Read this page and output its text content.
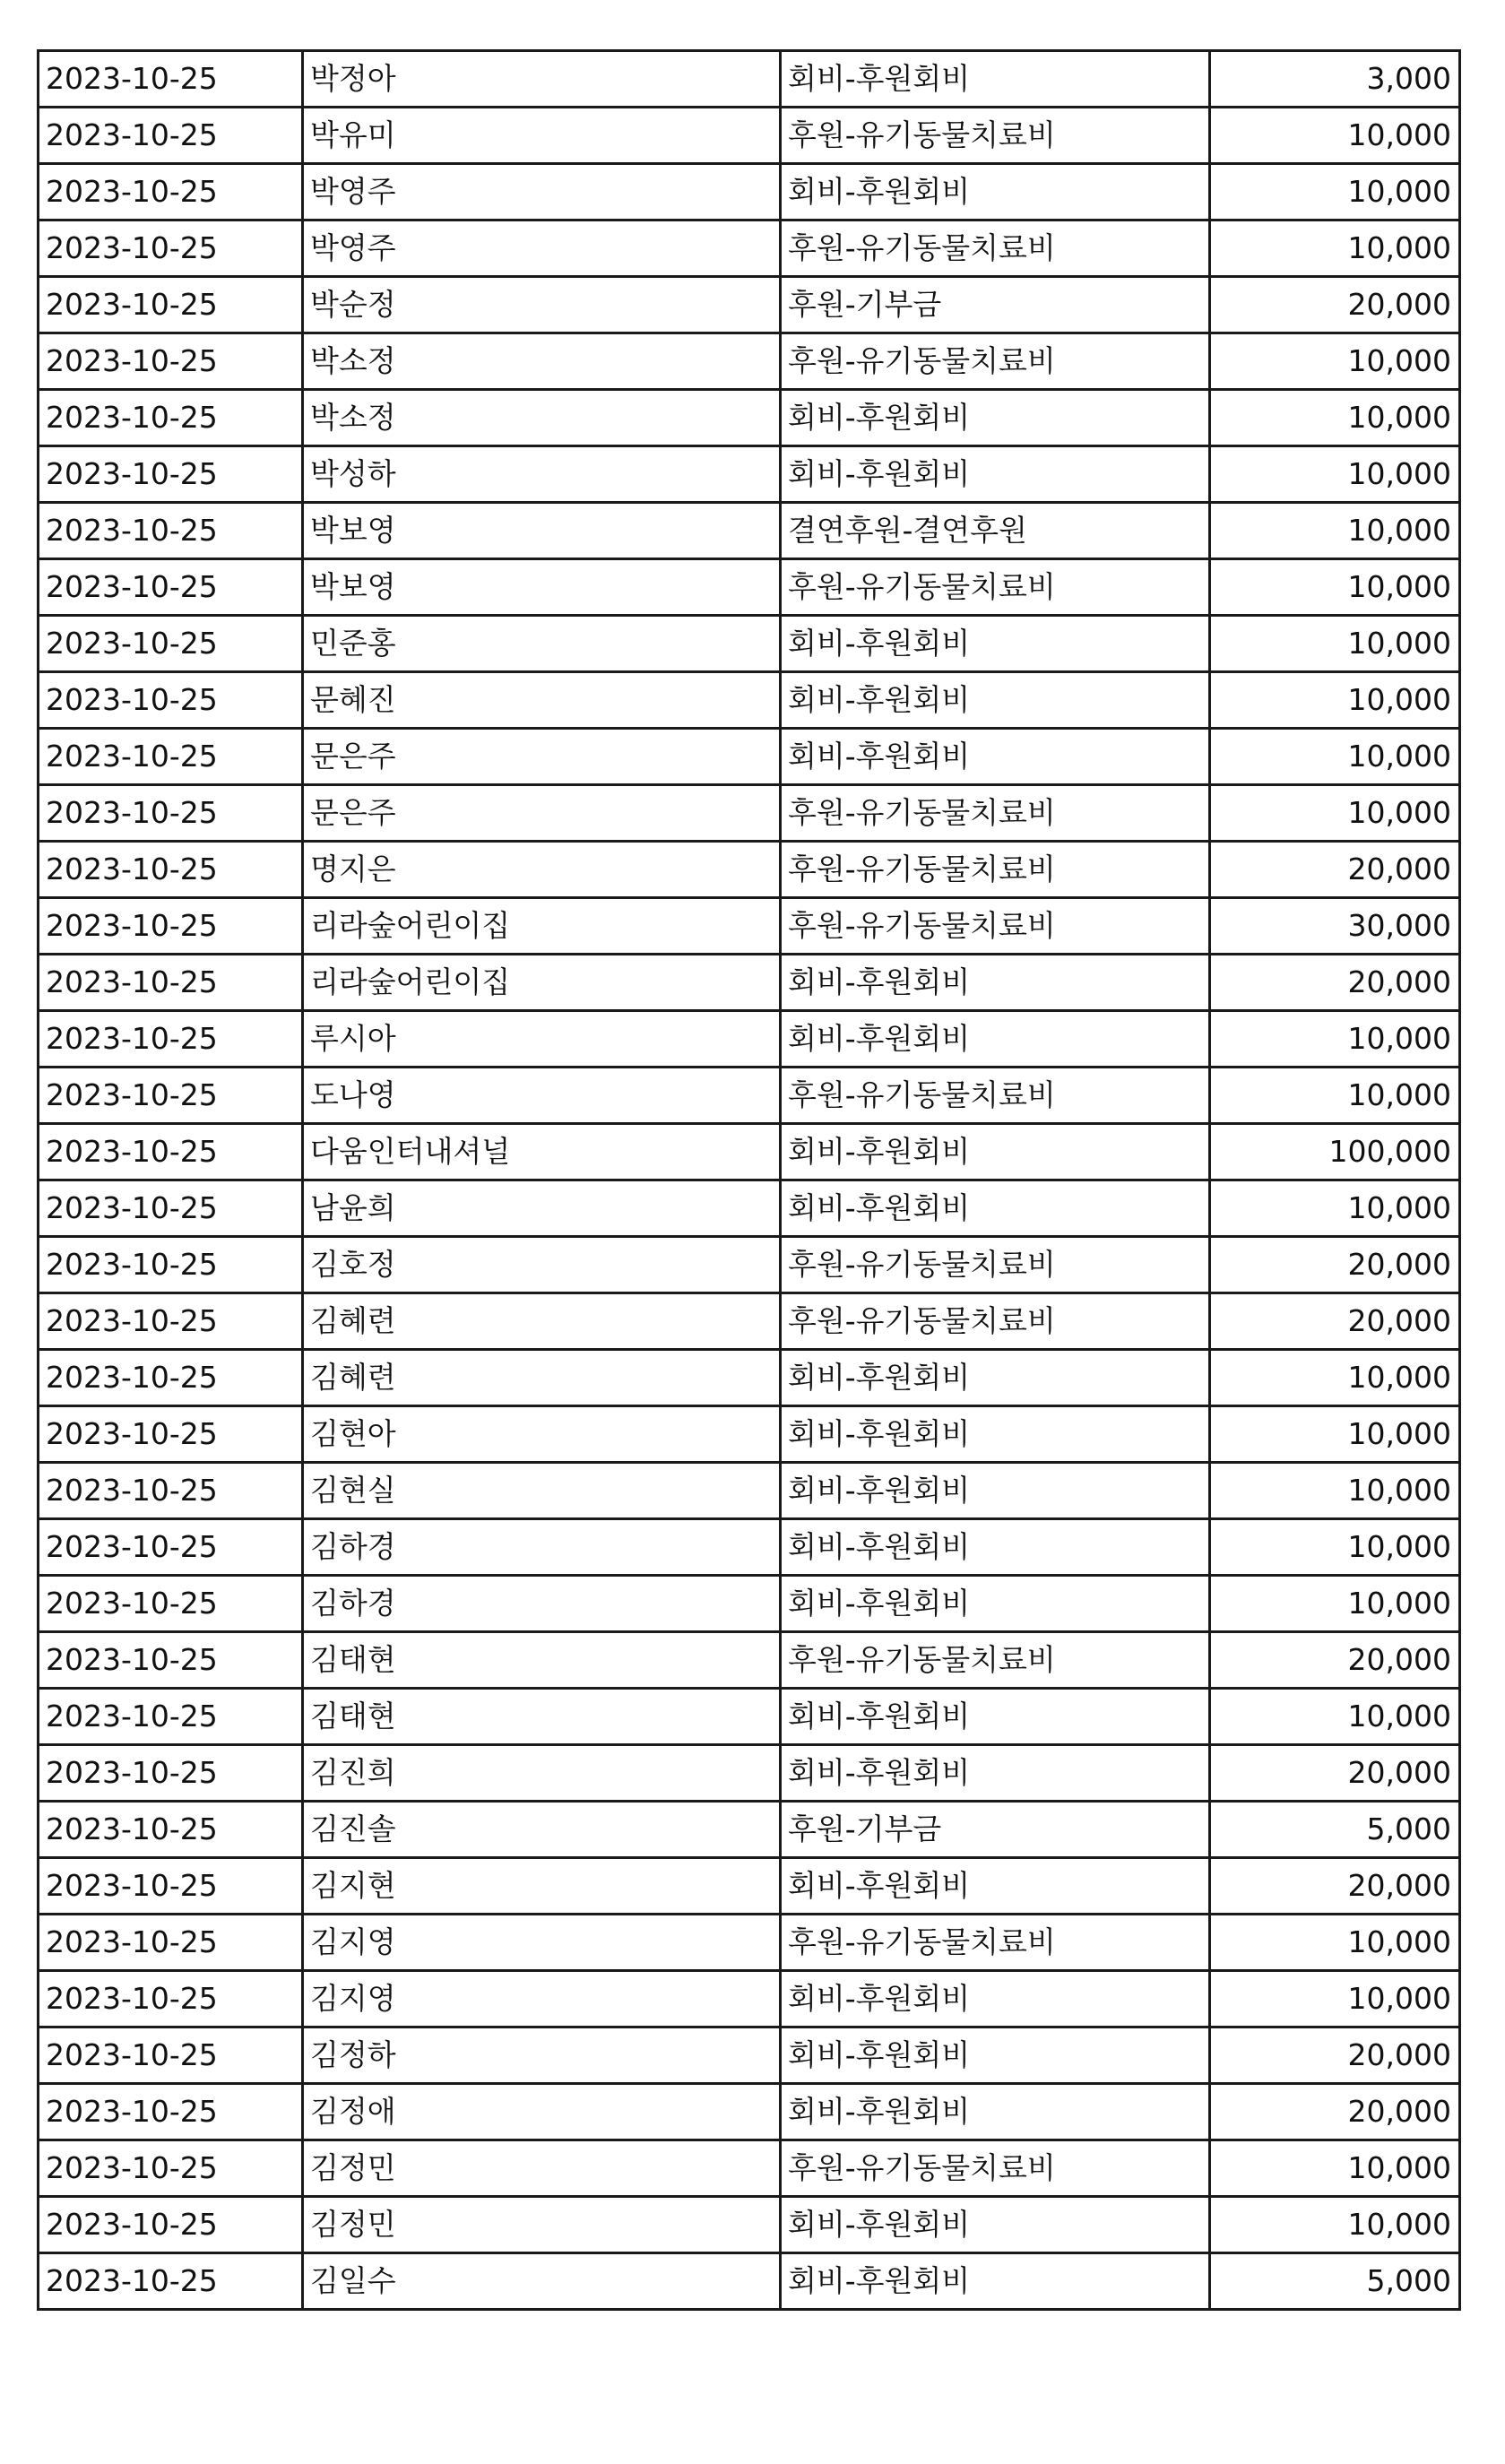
2023-10-25	박정아	회비-후원회비	3,000
2023-10-25	박유미	후원-유기동물치료비	10,000
2023-10-25	박영주	회비-후원회비	10,000
2023-10-25	박영주	후원-유기동물치료비	10,000
2023-10-25	박순정	후원-기부금	20,000
2023-10-25	박소정	후원-유기동물치료비	10,000
2023-10-25	박소정	회비-후원회비	10,000
2023-10-25	박성하	회비-후원회비	10,000
2023-10-25	박보영	결연후원-결연후원	10,000
2023-10-25	박보영	후원-유기동물치료비	10,000
2023-10-25	민준홍	회비-후원회비	10,000
2023-10-25	문혜진	회비-후원회비	10,000
2023-10-25	문은주	회비-후원회비	10,000
2023-10-25	문은주	후원-유기동물치료비	10,000
2023-10-25	명지은	후원-유기동물치료비	20,000
2023-10-25	리라숲어린이집	후원-유기동물치료비	30,000
2023-10-25	리라숲어린이집	회비-후원회비	20,000
2023-10-25	루시아	회비-후원회비	10,000
2023-10-25	도나영	후원-유기동물치료비	10,000
2023-10-25	다움인터내셔널	회비-후원회비	100,000
2023-10-25	남윤희	회비-후원회비	10,000
2023-10-25	김호정	후원-유기동물치료비	20,000
2023-10-25	김혜련	후원-유기동물치료비	20,000
2023-10-25	김혜련	회비-후원회비	10,000
2023-10-25	김현아	회비-후원회비	10,000
2023-10-25	김현실	회비-후원회비	10,000
2023-10-25	김하경	회비-후원회비	10,000
2023-10-25	김하경	회비-후원회비	10,000
2023-10-25	김태현	후원-유기동물치료비	20,000
2023-10-25	김태현	회비-후원회비	10,000
2023-10-25	김진희	회비-후원회비	20,000
2023-10-25	김진솔	후원-기부금	5,000
2023-10-25	김지현	회비-후원회비	20,000
2023-10-25	김지영	후원-유기동물치료비	10,000
2023-10-25	김지영	회비-후원회비	10,000
2023-10-25	김정하	회비-후원회비	20,000
2023-10-25	김정애	회비-후원회비	20,000
2023-10-25	김정민	후원-유기동물치료비	10,000
2023-10-25	김정민	회비-후원회비	10,000
2023-10-25	김일수	회비-후원회비	5,000
